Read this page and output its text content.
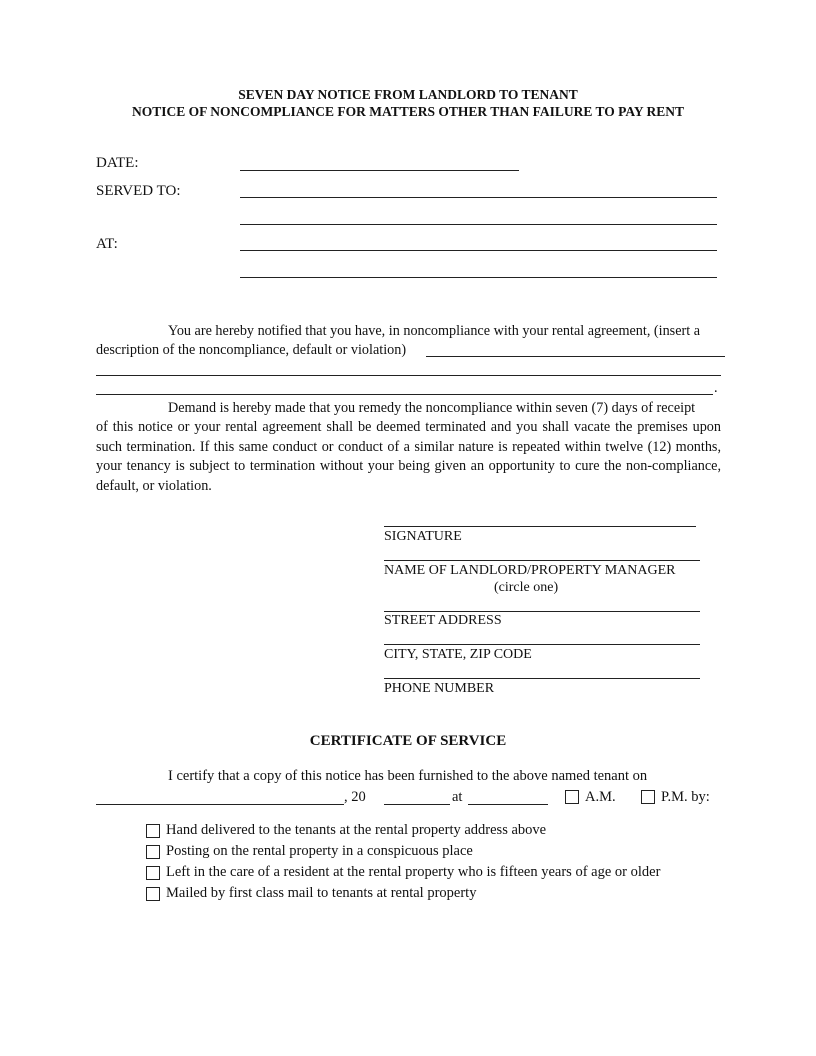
SEVEN DAY NOTICE FROM LANDLORD TO TENANT
NOTICE OF NONCOMPLIANCE FOR MATTERS OTHER THAN FAILURE TO PAY RENT
DATE:
SERVED TO:
AT:
You are hereby notified that you have, in noncompliance with your rental agreement, (insert a
description of the noncompliance, default or violation)
.
Demand is hereby made that you remedy the noncompliance within seven (7) days of receipt
of this notice or your rental agreement shall be deemed terminated and you shall vacate the premises upon such termination. If this same conduct or conduct of a similar nature is repeated within twelve (12) months, your tenancy is subject to termination without your being given an opportunity to cure the non-compliance, default, or violation.
SIGNATURE
NAME OF LANDLORD/PROPERTY MANAGER
(circle one)
STREET ADDRESS
CITY, STATE, ZIP CODE
PHONE NUMBER
CERTIFICATE OF SERVICE
I certify that a copy of this notice has been furnished to the above named tenant on
, 20	at	A.M.	P.M. by:
Hand delivered to the tenants at the rental property address above
Posting on the rental property in a conspicuous place
Left in the care of a resident at the rental property who is fifteen years of age or older
Mailed by first class mail to tenants at rental property
